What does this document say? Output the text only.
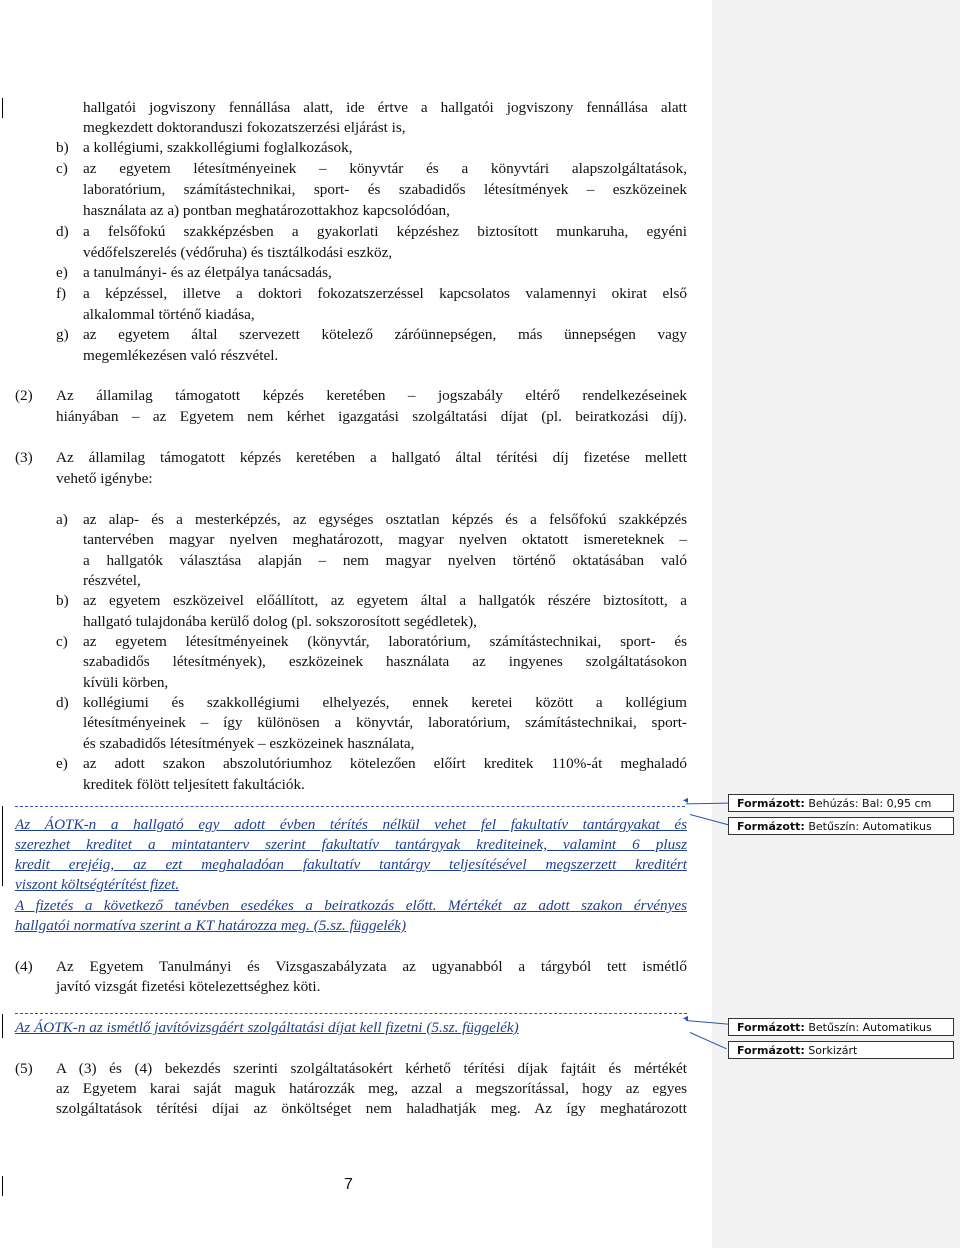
hallgatói jogviszony fennállása alatt, ide értve a hallgatói jogviszony fennállása alatt
megkezdett doktoranduszi fokozatszerzési eljárást is,
b) a kollégiumi, szakkollégiumi foglalkozások,
c) az egyetem létesítményeinek – könyvtár és a könyvtári alapszolgáltatások,
laboratórium, számítástechnikai, sport- és szabadidős létesítmények – eszközeinek
használata az a) pontban meghatározottakhoz kapcsolódóan,
d) a felsőfokú szakképzésben a gyakorlati képzéshez biztosított munkaruha, egyéni
védőfelszerelés (védőruha) és tisztálkodási eszköz,
e) a tanulmányi- és az életpálya tanácsadás,
f) a képzéssel, illetve a doktori fokozatszerzéssel kapcsolatos valamennyi okirat első
alkalommal történő kiadása,
g) az egyetem által szervezett kötelező záróünnepségen, más ünnepségen vagy
megemlékezésen való részvétel.
(2) Az államilag támogatott képzés keretében – jogszabály eltérő rendelkezéseinek
hiányában – az Egyetem nem kérhet igazgatási szolgáltatási díjat (pl. beiratkozási díj).
(3) Az államilag támogatott képzés keretében a hallgató által térítési díj fizetése mellett
vehető igénybe:
a) az alap- és a mesterképzés, az egységes osztatlan képzés és a felsőfokú szakképzés
tantervében magyar nyelven meghatározott, magyar nyelven oktatott ismereteknek –
a hallgatók választása alapján – nem magyar nyelven történő oktatásában való
részvétel,
b) az egyetem eszközeivel előállított, az egyetem által a hallgatók részére biztosított, a
hallgató tulajdonába kerülő dolog (pl. sokszorosított segédletek),
c) az egyetem létesítményeinek (könyvtár, laboratórium, számítástechnikai, sport- és
szabadidős létesítmények), eszközeinek használata az ingyenes szolgáltatásokon
kívüli körben,
d) kollégiumi és szakkollégiumi elhelyezés, ennek keretei között a kollégium
létesítményeinek – így különösen a könyvtár, laboratórium, számítástechnikai, sport-
és szabadidős létesítmények – eszközeinek használata,
e) az adott szakon abszolutóriumhoz kötelezően előírt kreditek 110%-át meghaladó
kreditek fölött teljesített fakultációk.
Az ÁOTK-n a hallgató egy adott évben térítés nélkül vehet fel fakultatív tantárgyakat és
szerezhet kreditet a mintatanterv szerint fakultatív tantárgyak krediteinek, valamint 6 plusz
kredit erejéig, az ezt meghaladóan fakultatív tantárgy teljesítésével megszerzett kreditért
viszont költségtérítést fizet.
A fizetés a következő tanévben esedékes a beiratkozás előtt. Mértékét az adott szakon érvényes
hallgatói normatíva szerint a KT határozza meg. (5.sz. függelék)
(4) Az Egyetem Tanulmányi és Vizsgaszabályzata az ugyanabból a tárgyból tett ismétlő
javító vizsgát fizetési kötelezettséghez köti.
Az ÁOTK-n az ismétlő javítóvizsgáért szolgáltatási díjat kell fizetni (5.sz. függelék)
(5) A (3) és (4) bekezdés szerinti szolgáltatásokért kérhető térítési díjak fajtáit és mértékét
az Egyetem karai saját maguk határozzák meg, azzal a megszorítással, hogy az egyes
szolgáltatások térítési díjai az önköltséget nem haladhatják meg. Az így meghatározott
7
◂
◂
Formázott: Behúzás: Bal: 0,95 cm
Formázott: Betűszín: Automatikus
Formázott: Betűszín: Automatikus
Formázott: Sorkizárt
